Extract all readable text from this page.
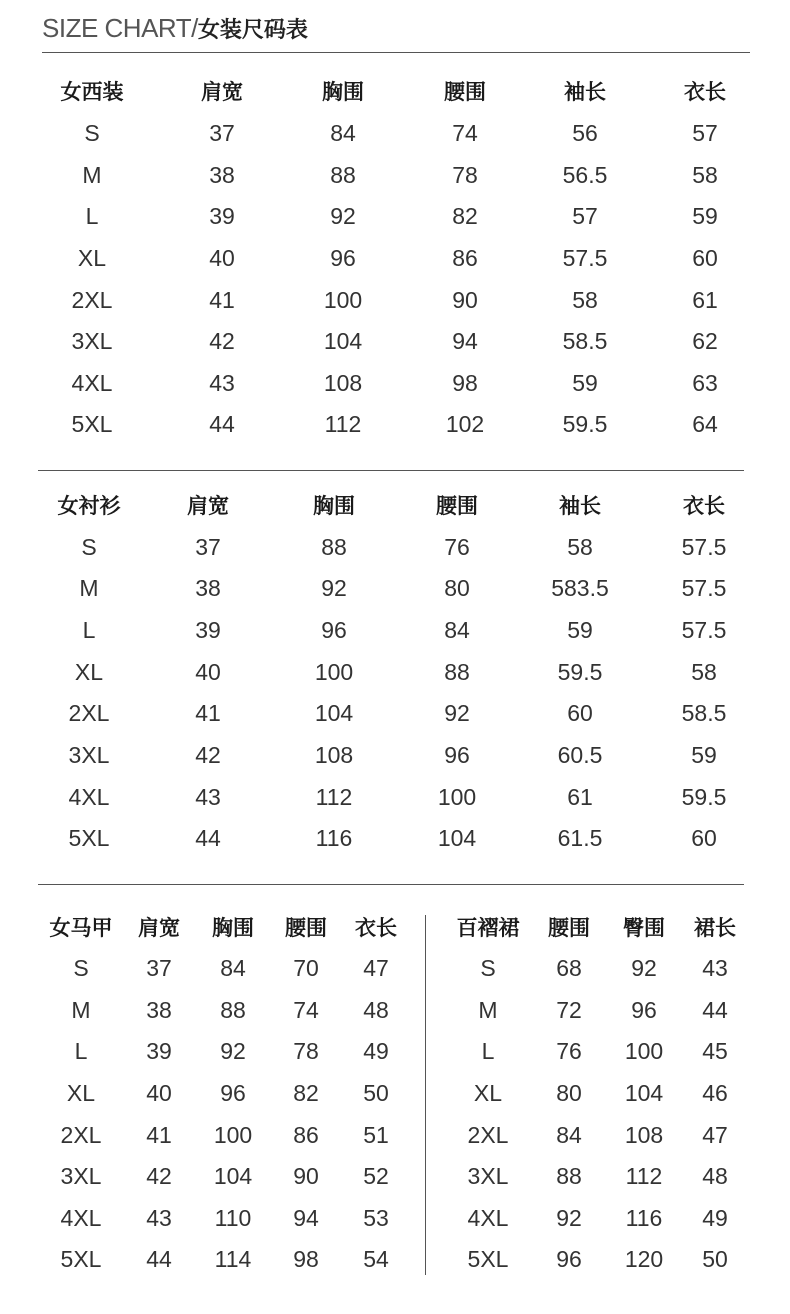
SIZE CHART/女装尺码表
女西装	肩宽	胸围	腰围	袖长	衣长
S	37	84	74	56	57
M	38	88	78	56.5	58
L	39	92	82	57	59
XL	40	96	86	57.5	60
2XL	41	100	90	58	61
3XL	42	104	94	58.5	62
4XL	43	108	98	59	63
5XL	44	112	102	59.5	64
女衬衫	肩宽	胸围	腰围	袖长	衣长
S	37	88	76	58	57.5
M	38	92	80	583.5	57.5
L	39	96	84	59	57.5
XL	40	100	88	59.5	58
2XL	41	104	92	60	58.5
3XL	42	108	96	60.5	59
4XL	43	112	100	61	59.5
5XL	44	116	104	61.5	60
女马甲 肩宽 胸围 腰围 衣长
S	37 84 70 47
M 38 88 74 48
L	39 92 78 49
XL 40 96 82 50
2XL 41 100 86 51
3XL 42 104 90 52
4XL 43 110 94 53
5XL 44 114 98 54
百褶裙 腰围 臀围 裙长
S	68 92 43
M	72 96 44
L	76 100 45
XL 80 104 46
2XL 84 108 47
3XL 88 112 48
4XL 92 116 49
5XL 96 120 50
